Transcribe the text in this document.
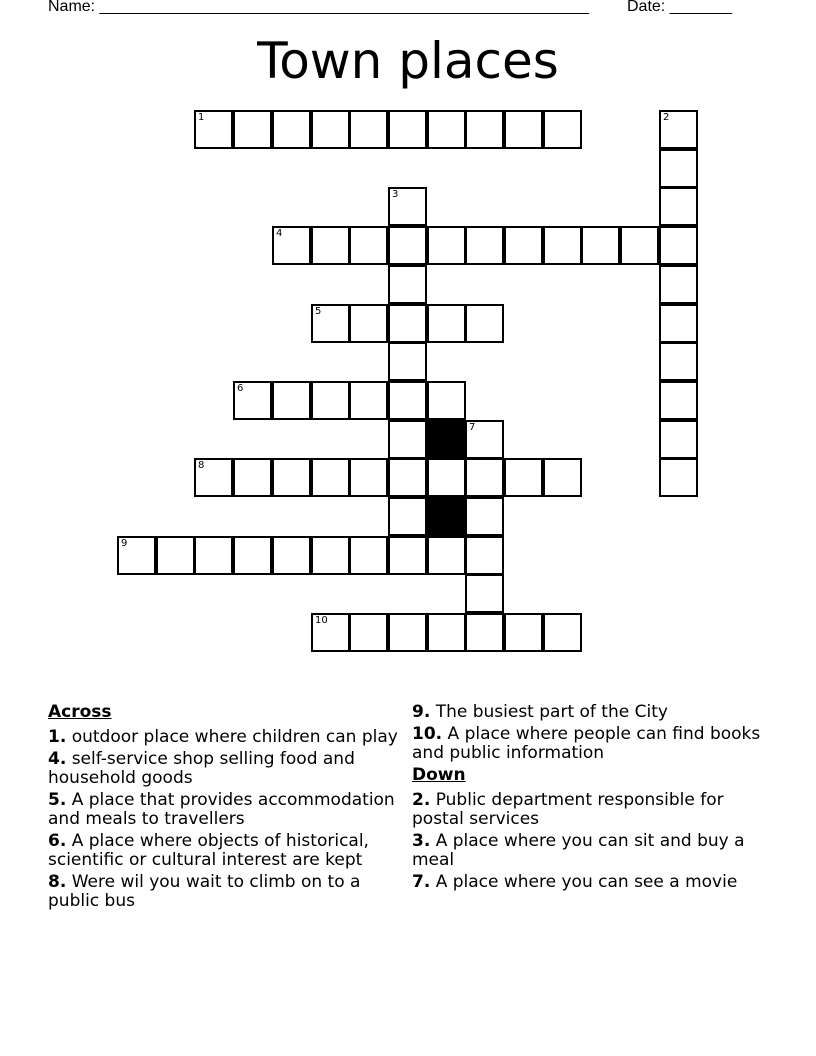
Name: _______________________________________________________ Date: _______
Town places
1	2
3
4
5
6
7
8
9
10
Across
1. outdoor place where children can play
4. self-service shop selling food and household goods
5. A place that provides accommodation and meals to travellers
6. A place where objects of historical, scientific or cultural interest are kept
8. Were wil you wait to climb on to a public bus
9. The busiest part of the City
10. A place where people can find books and public information
Down
2. Public department responsible for postal services
3. A place where you can sit and buy a meal
7. A place where you can see a movie
